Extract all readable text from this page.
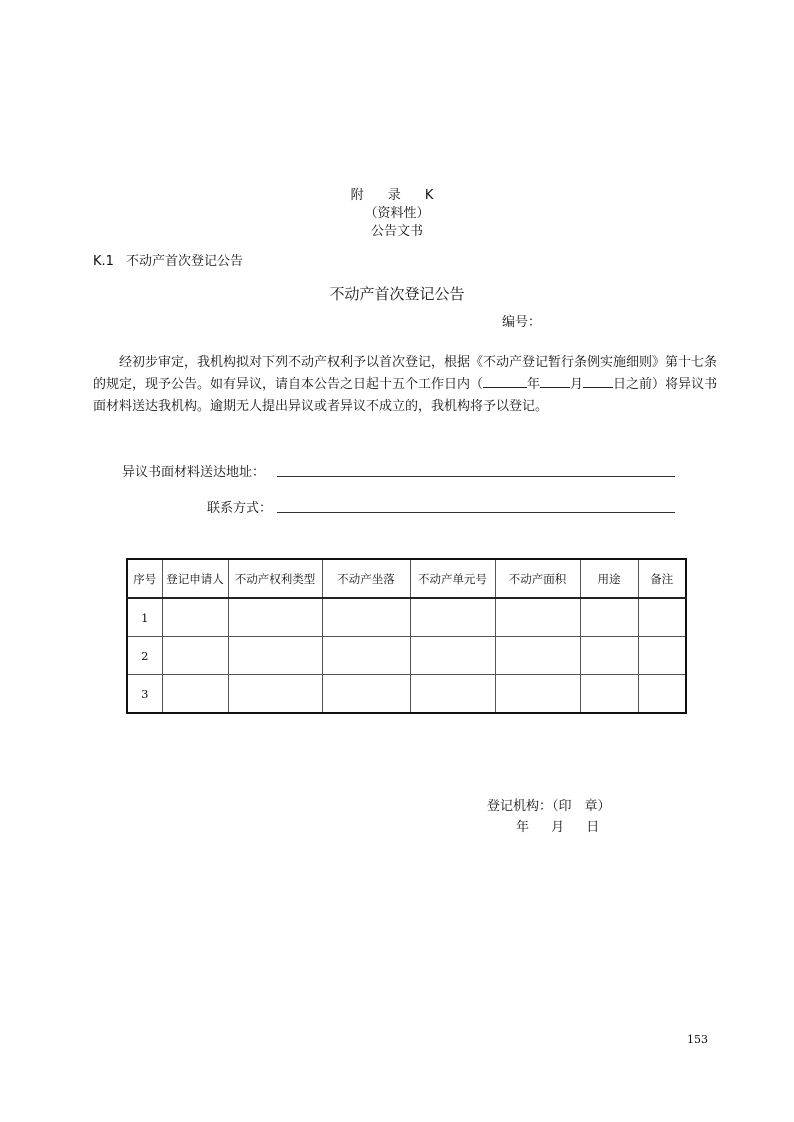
附 录 K
（资料性）
公告文书
K.1 不动产首次登记公告
不动产首次登记公告
编号：
经初步审定，我机构拟对下列不动产权利予以首次登记，根据《不动产登记暂行条例实施细则》第十七条的规定，现予公告。如有异议，请自本公告之日起十五个工作日内（	年 月 日之前）将异议书面材料送达我机构。逾期无人提出异议或者异议不成立的，我机构将予以登记。
异议书面材料送达地址：
联系方式：
序号	登记申请人	不动产权利类型	不动产坐落	不动产单元号	不动产面积	用途	备注
1							
2							
3							
登记机构：（印　章）
年 月 日
153
